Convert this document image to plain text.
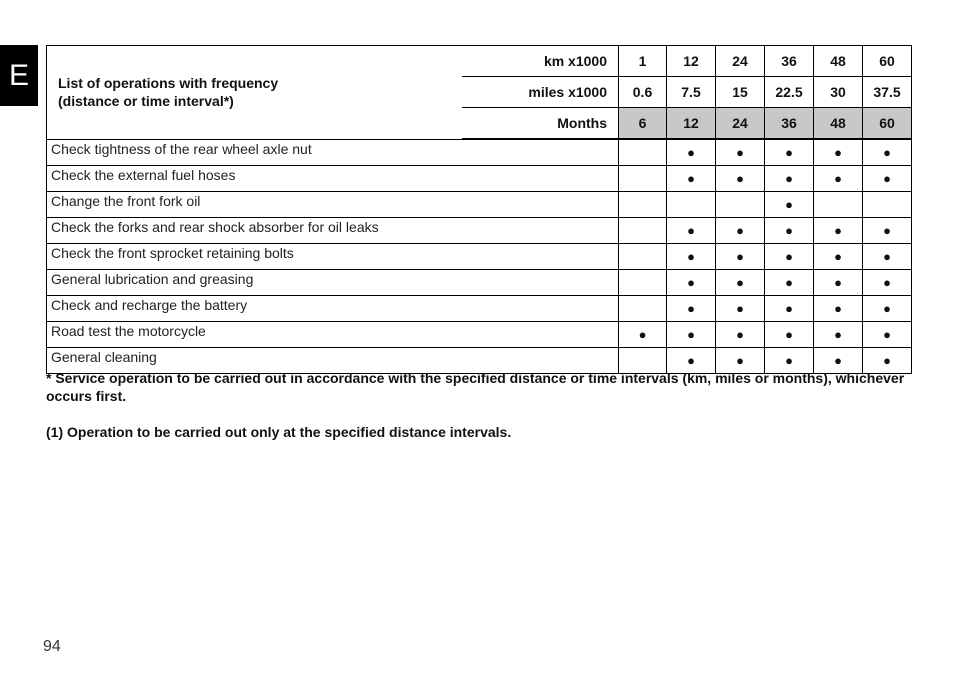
E	List of operations with frequency
(distance or time interval*)	km x1000	1	12	24	36	48	60
	miles x1000	0.6	7.5	15	22.5	30	37.5
	Months	6	12	24	36	48	60
Check tightness of the rear wheel axle nut			●	●	●	●	●
Check the external fuel hoses			●	●	●	●	●
Change the front fork oil					●		
Check the forks and rear shock absorber for oil leaks			●	●	●	●	●
Check the front sprocket retaining bolts			●	●	●	●	●
General lubrication and greasing			●	●	●	●	●
Check and recharge the battery			●	●	●	●	●
Road test the motorcycle		●	●	●	●	●	●
General cleaning			●	●	●	●	●
* Service operation to be carried out in accordance with the specified distance or time intervals (km, miles or months), whichever occurs first.
(1) Operation to be carried out only at the specified distance intervals.
94
